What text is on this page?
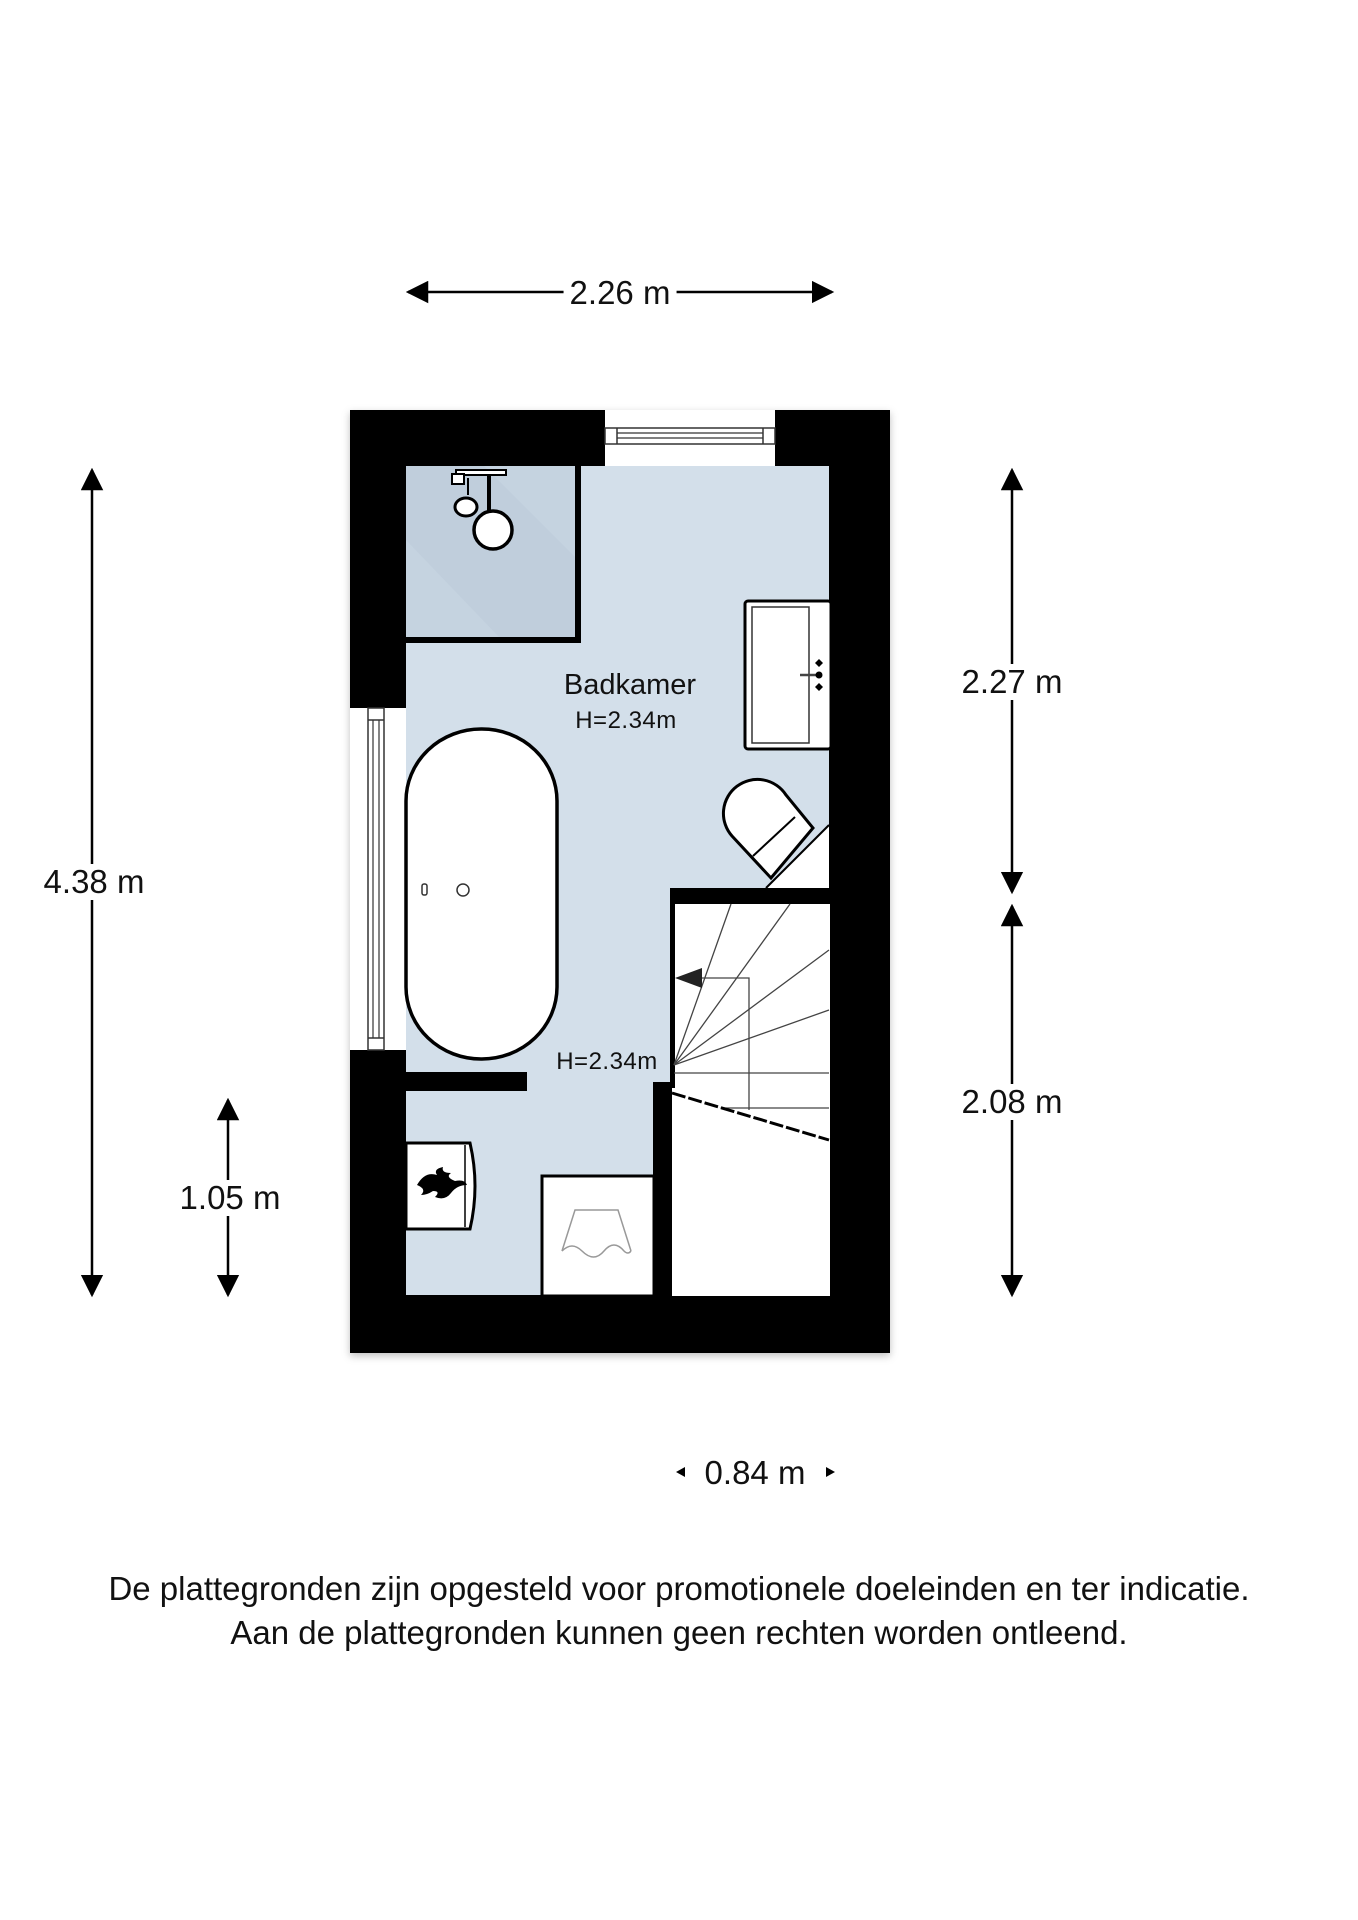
2.26 m
4.38 m
1.05 m
2.27 m
2.08 m
0.84 m
Badkamer
H=2.34m
H=2.34m
De plattegronden zijn opgesteld voor promotionele doeleinden en ter indicatie.
Aan de plattegronden kunnen geen rechten worden ontleend.
